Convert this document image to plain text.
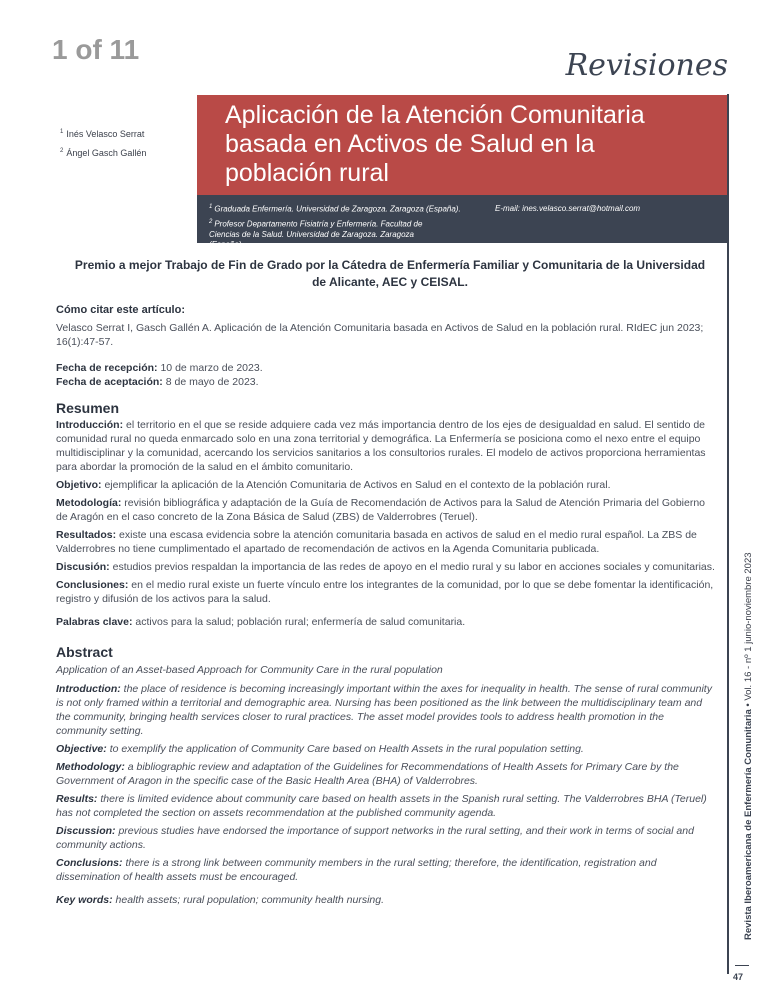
1 of 11	Revisiones
$^1$ Inés Velasco Serrat
$^2$ Ángel Gasch Gallén
Aplicación de la Atención Comunitaria basada en Activos de Salud en la población rural
$^1$ Graduada Enfermería. Universidad de Zaragoza. Zaragoza (España).	E-mail: ines.velasco.serrat@hotmail.com
$^2$ Profesor Departamento Fisiatría y Enfermería. Facultad de Ciencias de la Salud. Universidad de Zaragoza. Zaragoza (España).
Premio a mejor Trabajo de Fin de Grado por la Cátedra de Enfermería Familiar y Comunitaria de la Universidad de Alicante, AEC y CEISAL.
Cómo citar este artículo:

Velasco Serrat I, Gasch Gallén A. Aplicación de la Atención Comunitaria basada en Activos de Salud en la población rural. RIdEC jun 2023; 16(1):47-57.

Fecha de recepción: 10 de marzo de 2023.

Fecha de aceptación: 8 de mayo de 2023.

Resumen

Introducción: el territorio en el que se reside adquiere cada vez más importancia dentro de los ejes de desigualdad en salud. El sentido de comunidad rural no queda enmarcado solo en una zona territorial y demográfica. La Enfermería se posiciona como el nexo entre el equipo multidisciplinar y la comunidad, acercando los servicios sanitarios a los consultorios rurales. El modelo de activos proporciona herramientas para abordar la promoción de la salud en el ámbito comunitario.

Objetivo: ejemplificar la aplicación de la Atención Comunitaria de Activos en Salud en el contexto de la población rural.

Metodología: revisión bibliográfica y adaptación de la Guía de Recomendación de Activos para la Salud de Atención Primaria del Gobierno de Aragón en el caso concreto de la Zona Básica de Salud (ZBS) de Valderrobres (Teruel).

Resultados: existe una escasa evidencia sobre la atención comunitaria basada en activos de salud en el medio rural español. La ZBS de Valderrobres no tiene cumplimentado el apartado de recomendación de activos en la Agenda Comunitaria publicada.

Discusión: estudios previos respaldan la importancia de las redes de apoyo en el medio rural y su labor en acciones sociales y comunitarias.

Conclusiones: en el medio rural existe un fuerte vínculo entre los integrantes de la comunidad, por lo que se debe fomentar la identificación, registro y difusión de los activos para la salud.

Palabras clave: activos para la salud; población rural; enfermería de salud comunitaria.

Abstract

Application of an Asset-based Approach for Community Care in the rural population

Introduction: the place of residence is becoming increasingly important within the axes for inequality in health. The sense of rural community is not only framed within a territorial and demographic area. Nursing has been positioned as the link between the multidisciplinary team and the community, bringing health services closer to rural practices. The asset model provides tools to address health promotion in the community setting.

Objective: to exemplify the application of Community Care based on Health Assets in the rural population setting.

Methodology: a bibliographic review and adaptation of the Guidelines for Recommendations of Health Assets for Primary Care by the Government of Aragon in the specific case of the Basic Health Area (BHA) of Valderrobres.

Results: there is limited evidence about community care based on health assets in the Spanish rural setting. The Valderrobres BHA (Teruel) has not completed the section on assets recommendation at the published community agenda.

Discussion: previous studies have endorsed the importance of support networks in the rural setting, and their work in terms of social and community actions.

Conclusions: there is a strong link between community members in the rural setting; therefore, the identification, registration and dissemination of health assets must be encouraged.

Key words: health assets; rural population; community health nursing.	Revista Iberoamericana de Enfermería Comunitaria • Vol. 16 - nº 1 junio-noviembre 2023
47
